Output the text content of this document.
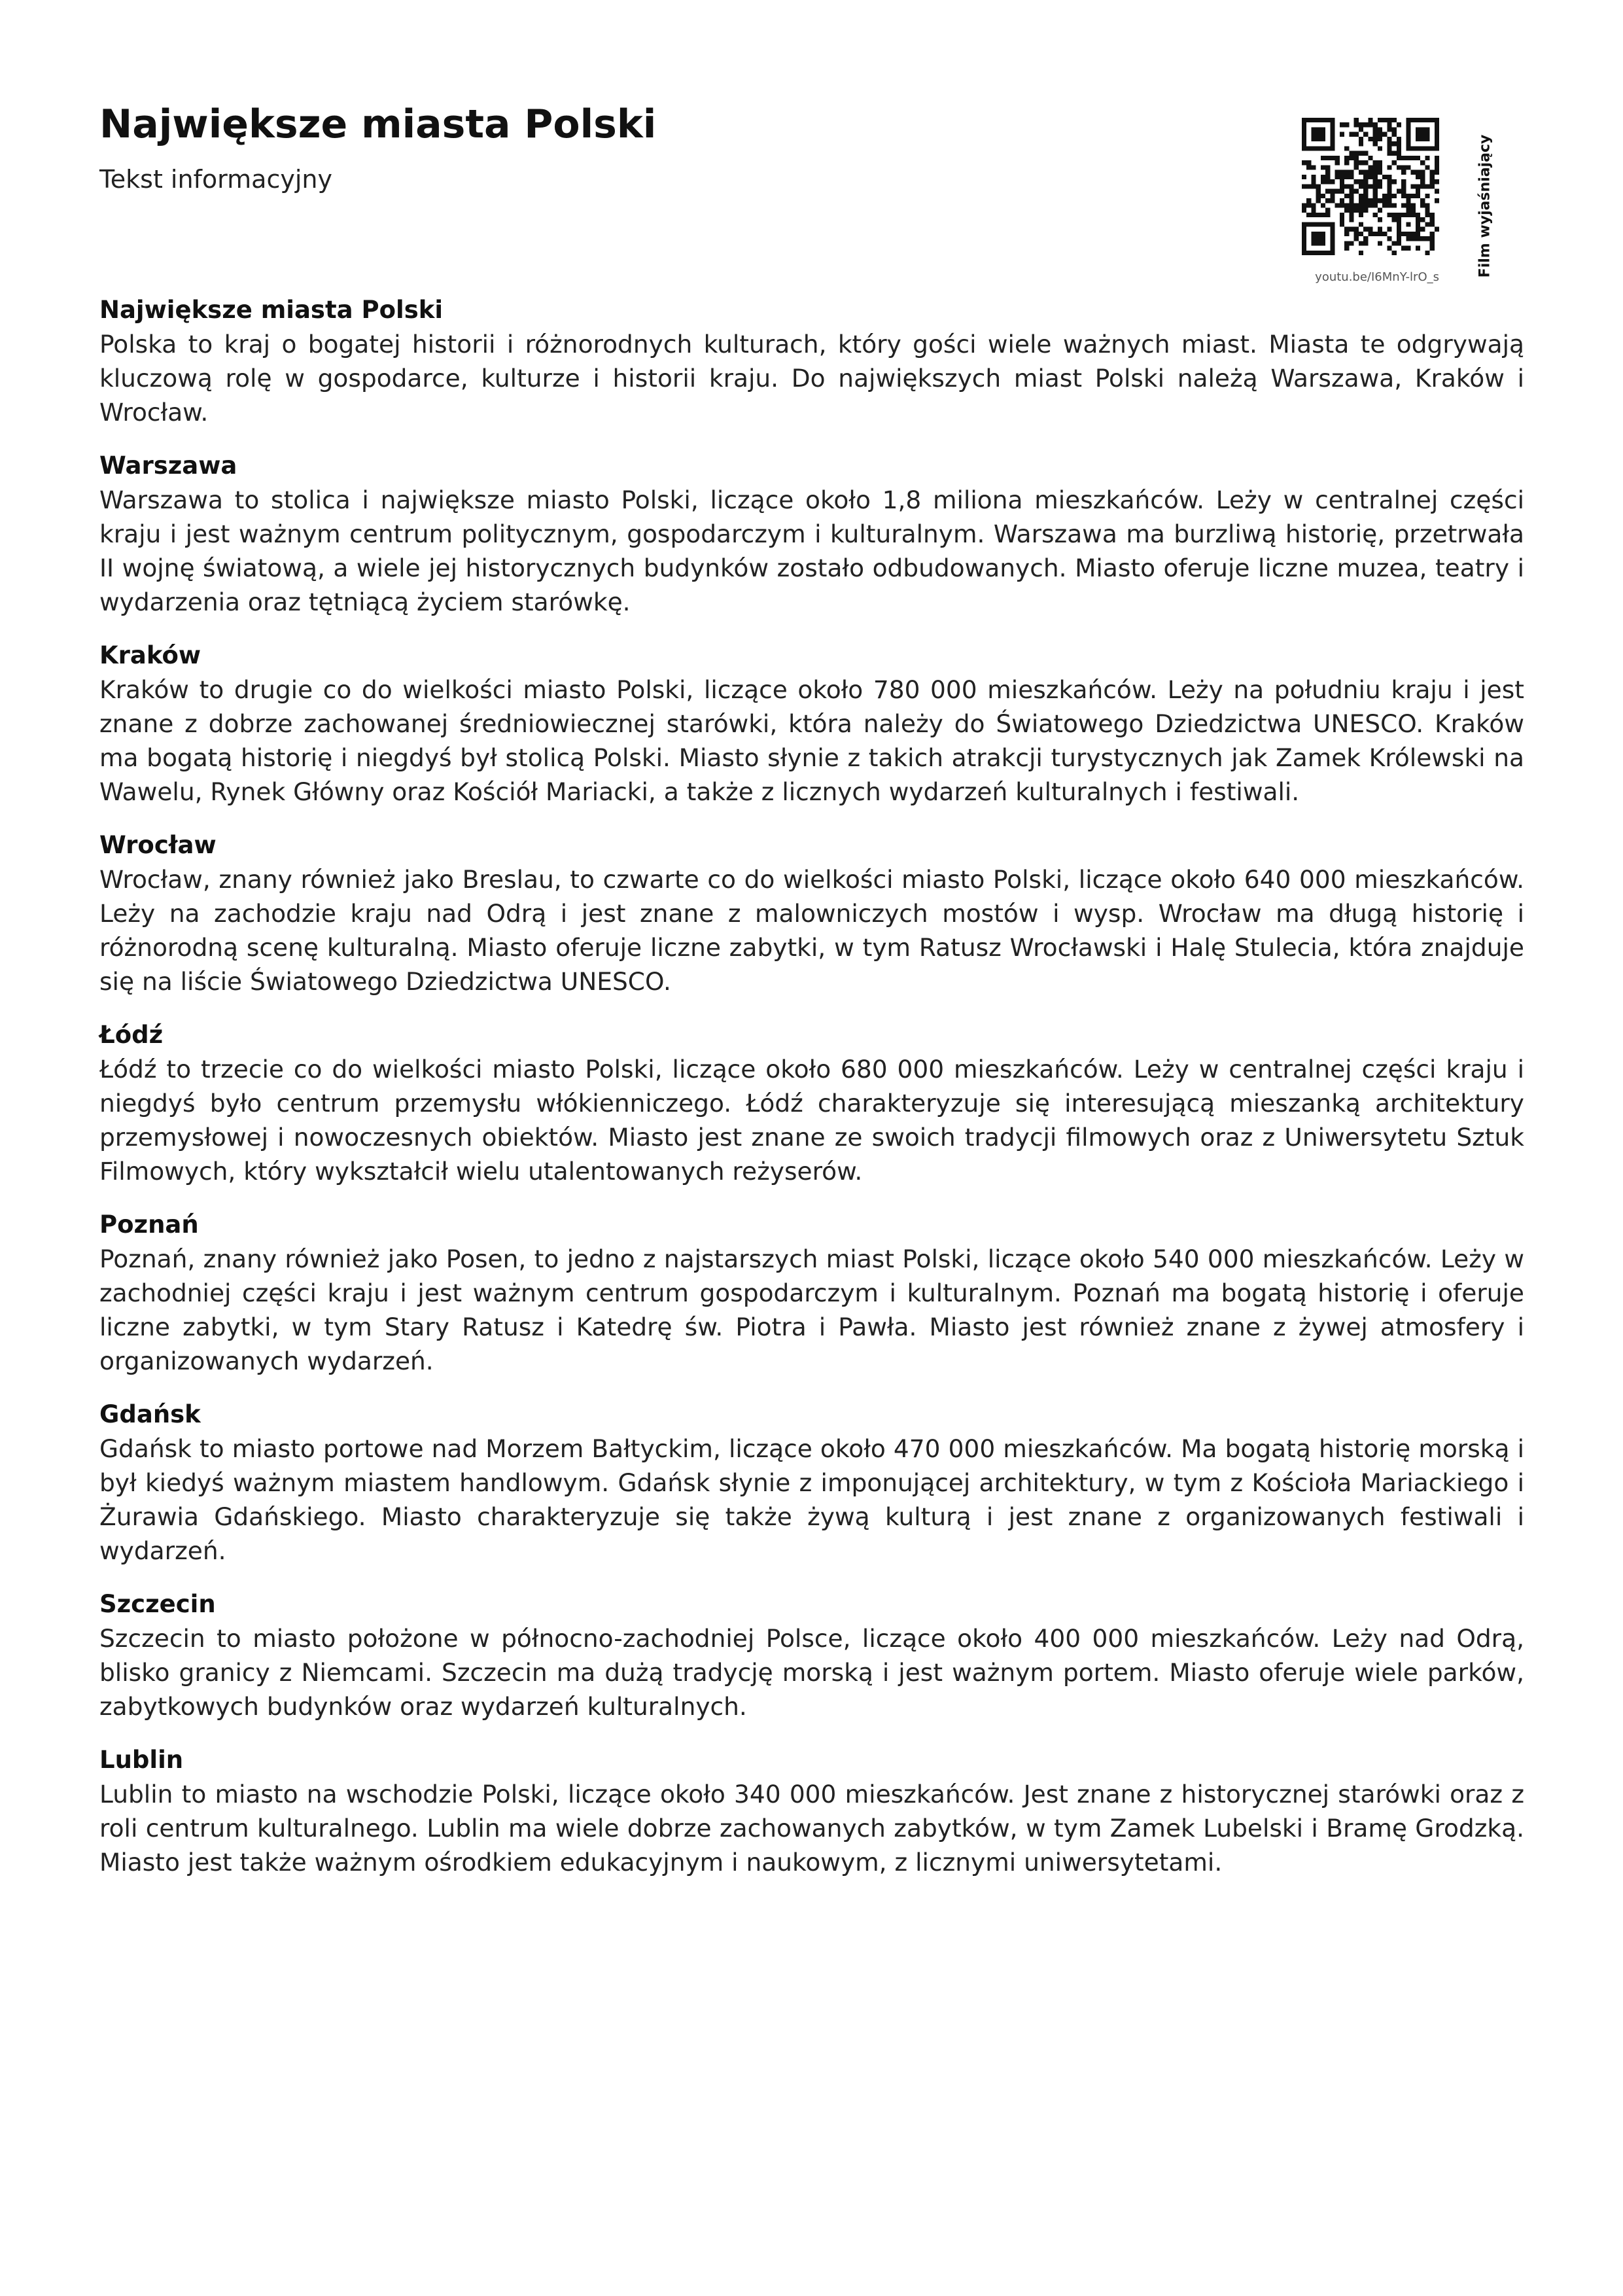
Największe miasta Polski
Tekst informacyjny
youtu.be/I6MnY-lrO_s	Film wyjaśniający
Największe miasta Polski

Polska to kraj o bogatej historii i różnorodnych kulturach, który gości wiele ważnych miast. Miasta te odgrywają kluczową rolę w gospodarce, kulturze i historii kraju. Do największych miast Polski należą Warszawa, Kraków i Wrocław.

Warszawa

Warszawa to stolica i największe miasto Polski, liczące około 1,8 miliona mieszkańców. Leży w centralnej części kraju i jest ważnym centrum politycznym, gospodarczym i kulturalnym. Warszawa ma burzliwą historię, przetrwała II wojnę światową, a wiele jej historycznych budynków zostało odbudowanych. Miasto oferuje liczne muzea, teatry i wydarzenia oraz tętniącą życiem starówkę.

Kraków

Kraków to drugie co do wielkości miasto Polski, liczące około 780 000 mieszkańców. Leży na południu kraju i jest znane z dobrze zachowanej średniowiecznej starówki, która należy do Światowego Dziedzictwa UNESCO. Kraków ma bogatą historię i niegdyś był stolicą Polski. Miasto słynie z takich atrakcji turystycznych jak Zamek Królewski na Wawelu, Rynek Główny oraz Kościół Mariacki, a także z licznych wydarzeń kulturalnych i festiwali.

Wrocław

Wrocław, znany również jako Breslau, to czwarte co do wielkości miasto Polski, liczące około 640 000 mieszkańców. Leży na zachodzie kraju nad Odrą i jest znane z malowniczych mostów i wysp. Wrocław ma długą historię i różnorodną scenę kulturalną. Miasto oferuje liczne zabytki, w tym Ratusz Wrocławski i Halę Stulecia, która znajduje się na liście Światowego Dziedzictwa UNESCO.

Łódź

Łódź to trzecie co do wielkości miasto Polski, liczące około 680 000 mieszkańców. Leży w centralnej części kraju i niegdyś było centrum przemysłu włókienniczego. Łódź charakteryzuje się interesującą mieszanką architektury przemysłowej i nowoczesnych obiektów. Miasto jest znane ze swoich tradycji filmowych oraz z Uniwersytetu Sztuk Filmowych, który wykształcił wielu utalentowanych reżyserów.

Poznań

Poznań, znany również jako Posen, to jedno z najstarszych miast Polski, liczące około 540 000 mieszkańców. Leży w zachodniej części kraju i jest ważnym centrum gospodarczym i kulturalnym. Poznań ma bogatą historię i oferuje liczne zabytki, w tym Stary Ratusz i Katedrę św. Piotra i Pawła. Miasto jest również znane z żywej atmosfery i organizowanych wydarzeń.

Gdańsk

Gdańsk to miasto portowe nad Morzem Bałtyckim, liczące około 470 000 mieszkańców. Ma bogatą historię morską i był kiedyś ważnym miastem handlowym. Gdańsk słynie z imponującej architektury, w tym z Kościoła Mariackiego i Żurawia Gdańskiego. Miasto charakteryzuje się także żywą kulturą i jest znane z organizowanych festiwali i wydarzeń.

Szczecin

Szczecin to miasto położone w północno-zachodniej Polsce, liczące około 400 000 mieszkańców. Leży nad Odrą, blisko granicy z Niemcami. Szczecin ma dużą tradycję morską i jest ważnym portem. Miasto oferuje wiele parków, zabytkowych budynków oraz wydarzeń kulturalnych.

Lublin

Lublin to miasto na wschodzie Polski, liczące około 340 000 mieszkańców. Jest znane z historycznej starówki oraz z roli centrum kulturalnego. Lublin ma wiele dobrze zachowanych zabytków, w tym Zamek Lubelski i Bramę Grodzką. Miasto jest także ważnym ośrodkiem edukacyjnym i naukowym, z licznymi uniwersytetami.
